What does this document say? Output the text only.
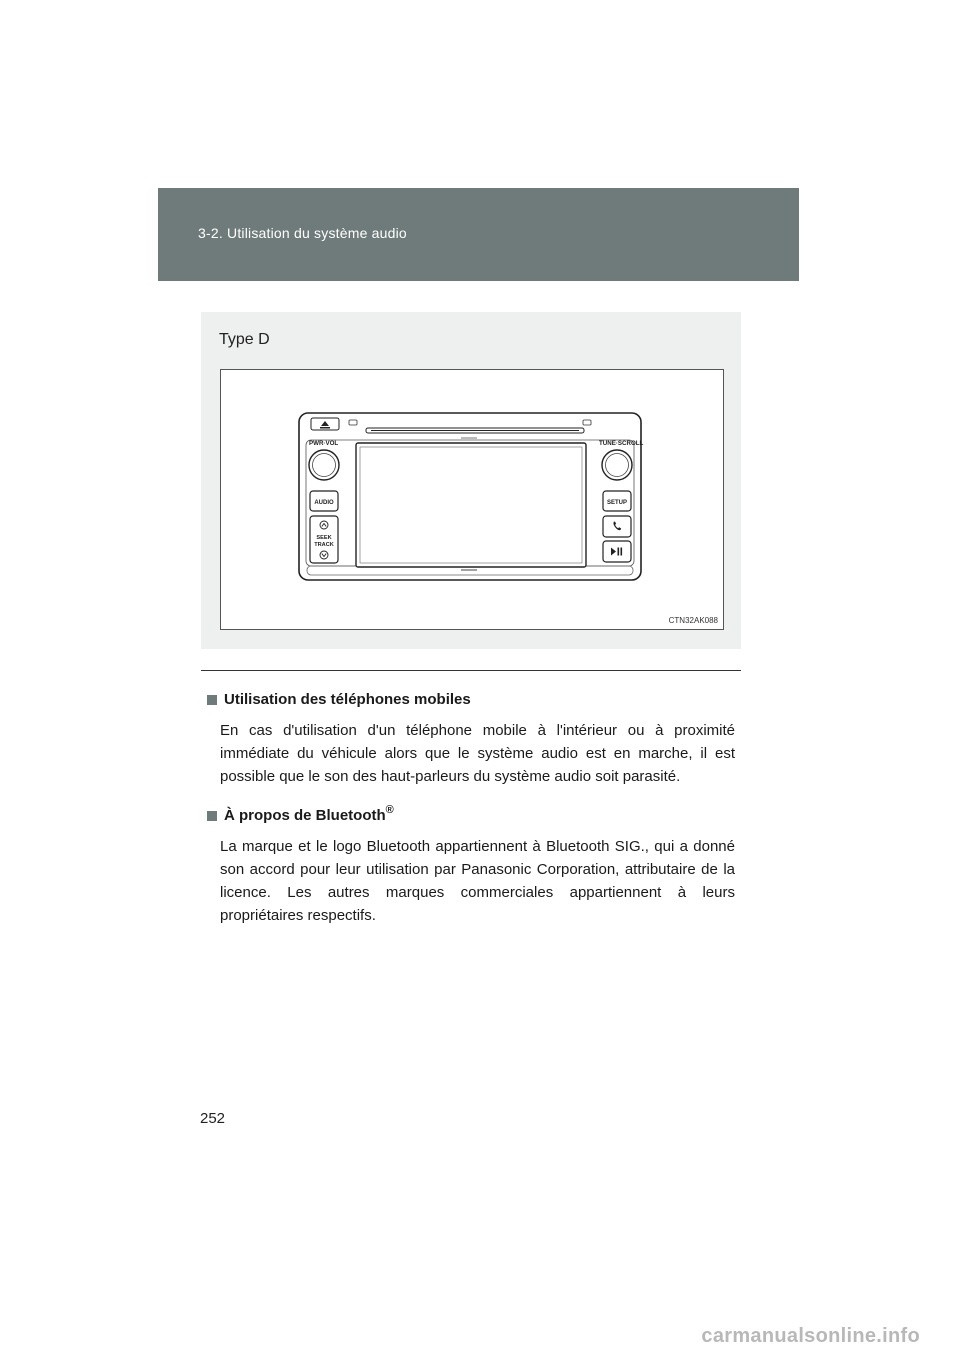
3-2. Utilisation du système audio
Type D
PWR·VOL	TUNE·SCROLL
AUDIO
SEEK
TRACK
SETUP
CTN32AK088

Utilisation des téléphones mobiles

En cas d'utilisation d'un téléphone mobile à l'intérieur ou à proximité immédiate du véhicule alors que le système audio est en marche, il est possible que le son des haut-parleurs du système audio soit parasité.

À propos de Bluetooth®

La marque et le logo Bluetooth appartiennent à Bluetooth SIG., qui a donné son accord pour leur utilisation par Panasonic Corporation, attributaire de la licence. Les autres marques commerciales appartiennent à leurs propriétaires respectifs.

252
carmanualsonline.info
